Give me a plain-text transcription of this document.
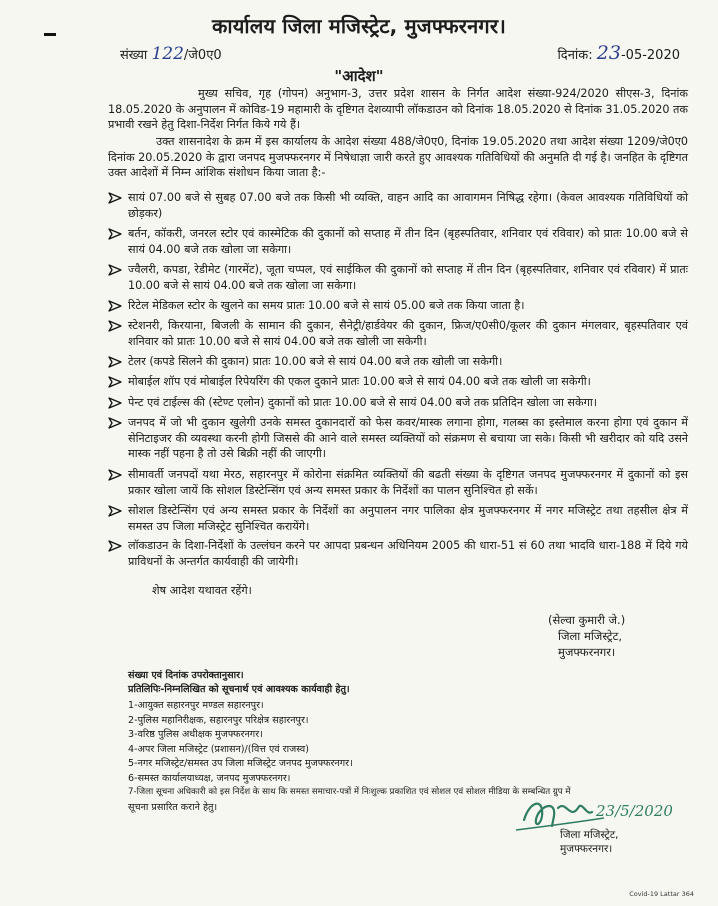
कार्यालय जिला मजिस्ट्रेट, मुजफ्फरनगर।
संख्या 122/जे0ए0	दिनांक: 23-05-2020
"आदेश"
मुख्य सचिव, गृह (गोपन) अनुभाग-3, उत्तर प्रदेश शासन के निर्गत आदेश संख्या-924/2020 सीएस-3, दिनांक 18.05.2020 के अनुपालन में कोविड-19 महामारी के दृष्टिगत देशव्यापी लॉकडाउन को दिनांक 18.05.2020 से दिनांक 31.05.2020 तक प्रभावी रखने हेतु दिशा-निर्देश निर्गत किये गये हैं।
उक्त शासनादेश के क्रम में इस कार्यालय के आदेश संख्या 488/जे0ए0, दिनांक 19.05.2020 तथा आदेश संख्या 1209/जे0ए0 दिनांक 20.05.2020 के द्वारा जनपद मुजफ्फरनगर में निषेधाज्ञा जारी करते हुए आवश्यक गतिविधियों की अनुमति दी गई है। जनहित के दृष्टिगत उक्त आदेशों में निम्न आंशिक संशोधन किया जाता है:-
सायं 07.00 बजे से सुबह 07.00 बजे तक किसी भी व्यक्ति, वाहन आदि का आवागमन निषिद्ध रहेगा। (केवल आवश्यक गतिविधियों को छोड़कर)
बर्तन, कॉकरी, जनरल स्टोर एवं कास्मेटिक की दुकानों को सप्ताह में तीन दिन (बृहस्पतिवार, शनिवार एवं रविवार) को प्रातः 10.00 बजे से सायं 04.00 बजे तक खोला जा सकेगा।
ज्वैलरी, कपडा, रेडीमेट (गारमेंट), जूता चप्पल, एवं साईकिल की दुकानों को सप्ताह में तीन दिन (बृहस्पतिवार, शनिवार एवं रविवार) में प्रातः 10.00 बजे से सायं 04.00 बजे तक खोला जा सकेगा।
रिटेल मेडिकल स्टोर के खुलने का समय प्रातः 10.00 बजे से सायं 05.00 बजे तक किया जाता है।
स्टेशनरी, किरयाना, बिजली के सामान की दुकान, सैनेट्री/हार्डवेयर की दुकान, फ्रिज/ए0सी0/कूलर की दुकान मंगलवार, बृहस्पतिवार एवं शनिवार को प्रातः 10.00 बजे से सायं 04.00 बजे तक खोली जा सकेगी।
टेलर (कपडे सिलने की दुकान) प्रातः 10.00 बजे से सायं 04.00 बजे तक खोली जा सकेगी।
मोबाईल शॉप एवं मोबाईल रिपेयरिंग की एकल दुकाने प्रातः 10.00 बजे से सायं 04.00 बजे तक खोली जा सकेगी।
पेन्ट एवं टाईल्स की (स्टेण्ट एलोन) दुकानों को प्रातः 10.00 बजे से सायं 04.00 बजे तक प्रतिदिन खोला जा सकेगा।
जनपद में जो भी दुकान खुलेगी उनके समस्त दुकानदारों को फेस कवर/मास्क लगाना होगा, गलब्स का इस्तेमाल करना होगा एवं दुकान में सेनिटाइजर की व्यवस्था करनी होगी जिससे की आने वाले समस्त व्यक्तियों को संक्रमण से बचाया जा सके। किसी भी खरीदार को यदि उसने मास्क नहीं पहना है तो उसे बिक्री नहीं की जाएगी।
सीमावर्ती जनपदों यथा मेरठ, सहारनपुर में कोरोना संक्रमित व्यक्तियों की बढती संख्या के दृष्टिगत जनपद मुजफ्फरनगर में दुकानों को इस प्रकार खोला जायें कि सोशल डिस्टेन्सिंग एवं अन्य समस्त प्रकार के निर्देशों का पालन सुनिश्चित हो सकें।
सोशल डिस्टेन्सिंग एवं अन्य समस्त प्रकार के निर्देशों का अनुपालन नगर पालिका क्षेत्र मुजफ्फरनगर में नगर मजिस्ट्रेट तथा तहसील क्षेत्र में समस्त उप जिला मजिस्ट्रेट सुनिश्चित करायेंगे।
लॉकडाउन के दिशा-निर्देशों के उल्लंघन करने पर आपदा प्रबन्धन अधिनियम 2005 की धारा-51 सं 60 तथा भादवि धारा-188 में दिये गये प्राविधनों के अन्तर्गत कार्यवाही की जायेगी।
शेष आदेश यथावत रहेंगे।
(सेल्वा कुमारी जे.)
जिला मजिस्ट्रेट,
मुजफ्फरनगर।
संख्या एवं दिनांक उपरोक्तानुसार।
प्रतिलिपिः-निम्नलिखित को सूचनार्थ एवं आवश्यक कार्यवाही हेतु।
1-आयुक्त सहारनपुर मण्डल सहारनपुर।
2-पुलिस महानिरीक्षक, सहारनपुर परिक्षेत्र सहारनपुर।
3-वरिष्ठ पुलिस अधीक्षक मुजफ्फरनगर।
4-अपर जिला मजिस्ट्रेट (प्रशासन)/(वित्त एवं राजस्व)
5-नगर मजिस्ट्रेट/समस्त उप जिला मजिस्ट्रेट जनपद मुजफ्फरनगर।
6-समस्त कार्यालयाध्यक्ष, जनपद मुजफ्फरनगर।
7-जिला सूचना अधिकारी को इस निर्देश के साथ कि समस्त समाचार-पत्रों में निःशुल्क प्रकाशित एवं सोशल एवं सोशल मीडिया के सम्बन्धित ग्रुप में
सूचना प्रसारित कराने हेतु।	23/5/2020
जिला मजिस्ट्रेट,
मुजफ्फरनगर।
Covid-19 Lattar 364
